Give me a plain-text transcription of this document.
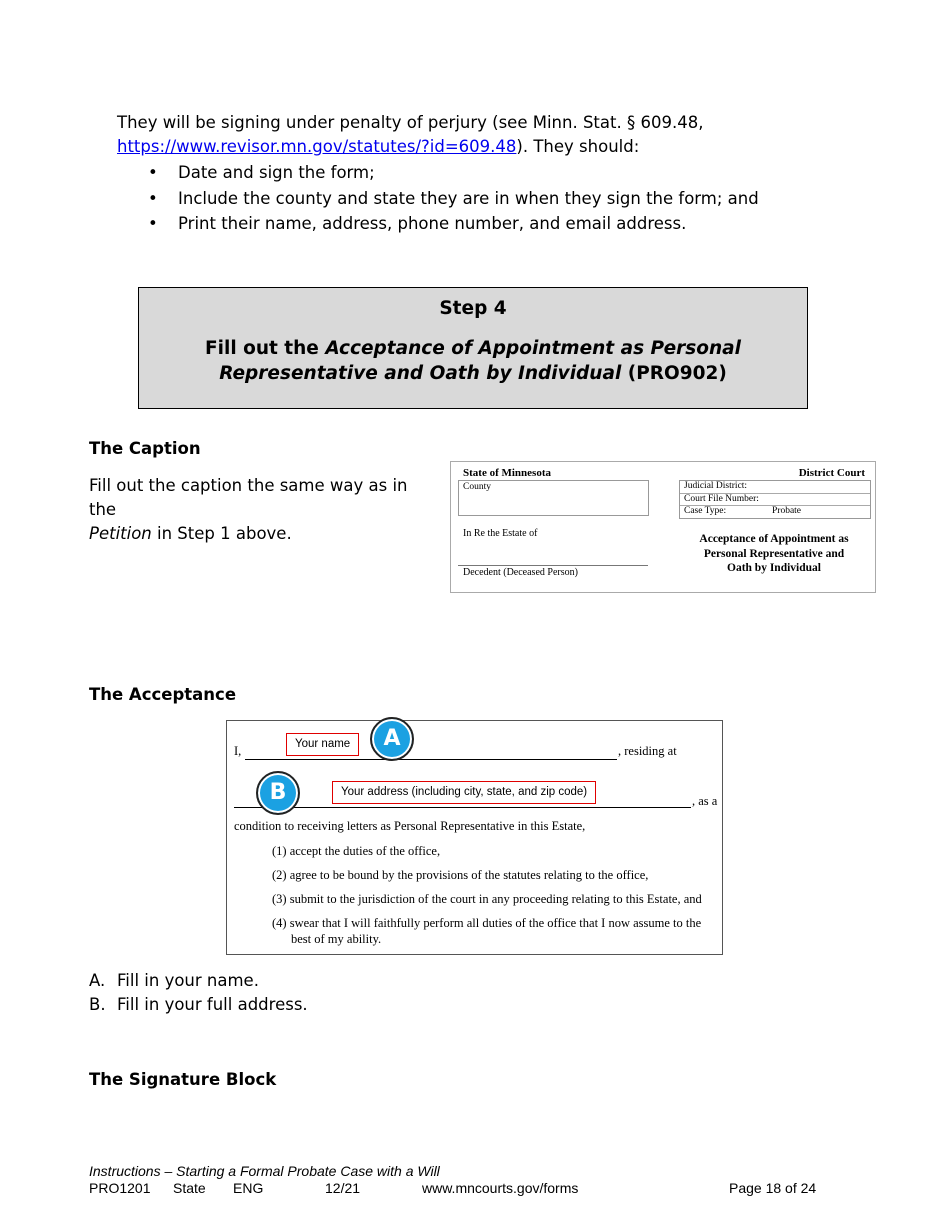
They will be signing under penalty of perjury (see Minn. Stat. § 609.48,
https://www.revisor.mn.gov/statutes/?id=609.48). They should:
• Date and sign the form;
• Include the county and state they are in when they sign the form; and
• Print their name, address, phone number, and email address.
Step 4
Fill out the Acceptance of Appointment as Personal Representative and Oath by Individual (PRO902)
The Caption
Fill out the caption the same way as in the
Petition in Step 1 above.
State of Minnesota	District Court
County	Judicial District:
Court File Number:
Case Type:	Probate
In Re the Estate of
Decedent (Deceased Person)
Acceptance of Appointment as
Personal Representative and
Oath by Individual
The Acceptance
I,	, residing at
Your name	A
, as a
Your address (including city, state, and zip code)
B
condition to receiving letters as Personal Representative in this Estate,
(1) accept the duties of the office,
(2) agree to be bound by the provisions of the statutes relating to the office,
(3) submit to the jurisdiction of the court in any proceeding relating to this Estate, and
(4) swear that I will faithfully perform all duties of the office that I now assume to the
best of my ability.
A. Fill in your name.
B. Fill in your full address.
The Signature Block
Instructions – Starting a Formal Probate Case with a Will
PRO1201 State ENG	12/21	www.mncourts.gov/forms	Page 18 of 24
